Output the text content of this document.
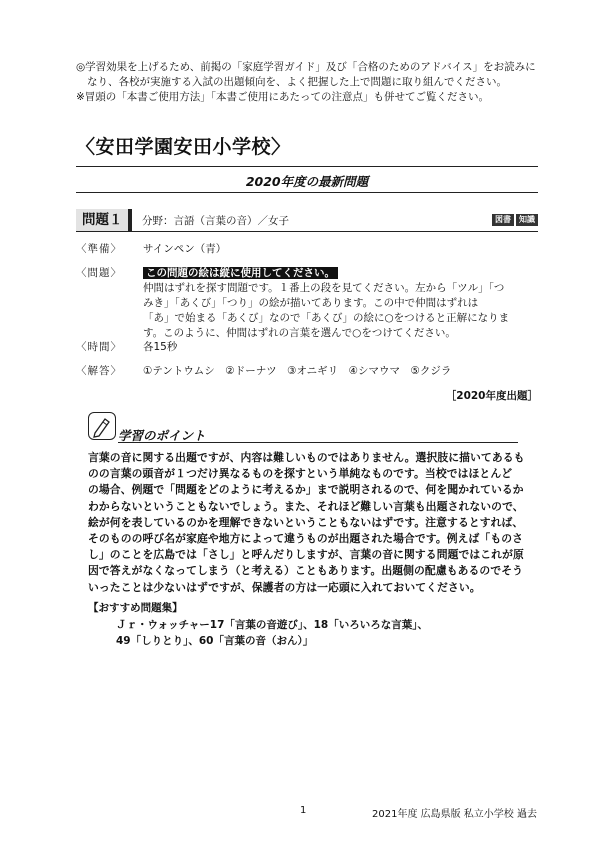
◎学習効果を上げるため、前掲の「家庭学習ガイド」及び「合格のためのアドバイス」をお読みになり、各校が実施する入試の出題傾向を、よく把握した上で問題に取り組んでください。

※冒頭の「本書ご使用方法」「本書ご使用にあたっての注意点」も併せてご覧ください。

〈安田学園安田小学校〉
2020年度の最新問題
問題１	分野：言語（言葉の音）／女子	図書	知識
〈準備〉	サインペン（青）
〈問題〉	この問題の絵は縦に使用してください。
仲間はずれを探す問題です。１番上の段を見てください。左から「ツル」「つ
みき」「あくび」「つり」の絵が描いてあります。この中で仲間はずれは
「あ」で始まる「あくび」なので「あくび」の絵に○をつけると正解になりま
す。このように、仲間はずれの言葉を選んで○をつけてください。
〈時間〉	各15秒
〈解答〉	①テントウムシ　②ドーナツ　③オニギリ　④シマウマ　⑤クジラ
［2020年度出題］
学習のポイント

言葉の音に関する出題ですが、内容は難しいものではありません。選択肢に描いてあるも

のの言葉の頭音が１つだけ異なるものを探すという単純なものです。当校ではほとんど

の場合、例題で「問題をどのように考えるか」まで説明されるので、何を聞かれているか

わからないということもないでしょう。また、それほど難しい言葉も出題されないので、

絵が何を表しているのかを理解できないということもないはずです。注意するとすれば、

そのものの呼び名が家庭や地方によって違うものが出題された場合です。例えば「ものさ

し」のことを広島では「さし」と呼んだりしますが、言葉の音に関する問題ではこれが原

因で答えがなくなってしまう（と考える）こともあります。出題側の配慮もあるのでそう

いったことは少ないはずですが、保護者の方は一応頭に入れておいてください。

【おすすめ問題集】

Ｊｒ・ウォッチャー17「言葉の音遊び」、18「いろいろな言葉」、

49「しりとり」、60「言葉の音（おん）」

1	2021年度 広島県版 私立小学校 過去
